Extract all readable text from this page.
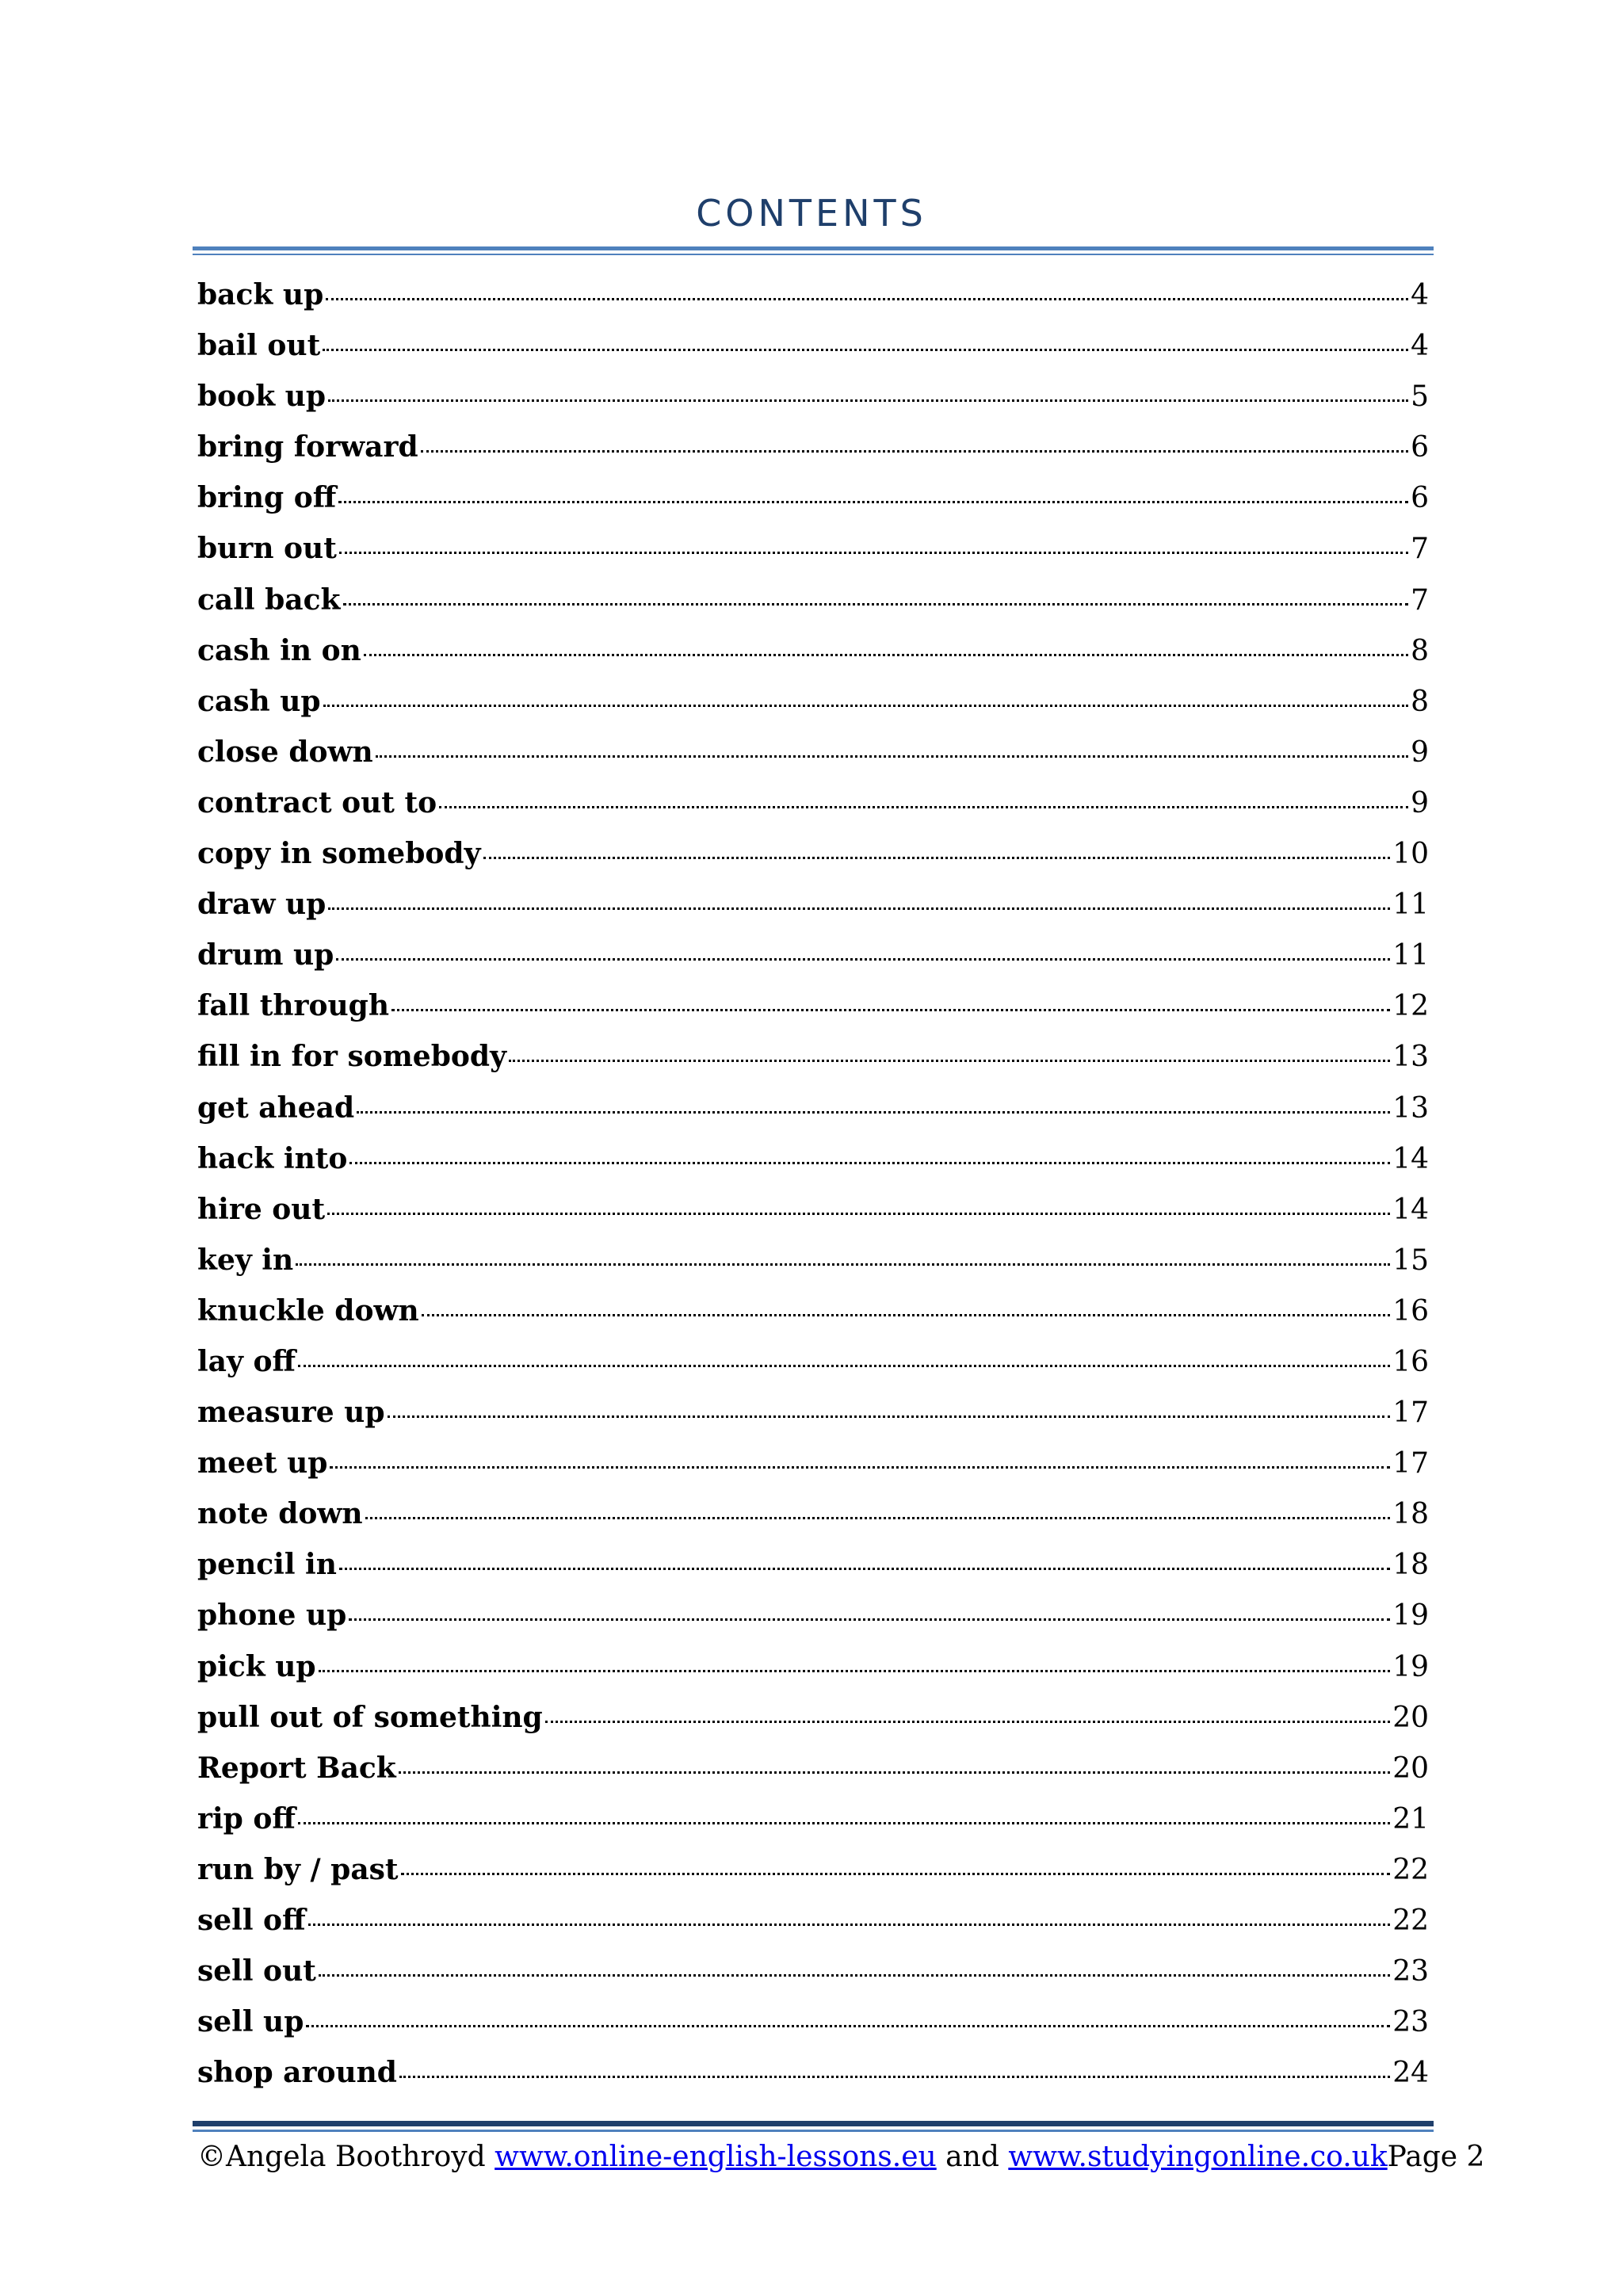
CONTENTS
back up	4
bail out	4
book up	5
bring forward	6
bring off	6
burn out	7
call back	7
cash in on	8
cash up	8
close down	9
contract out to	9
copy in somebody	10
draw up	11
drum up	11
fall through	12
fill in for somebody	13
get ahead	13
hack into	14
hire out	14
key in	15
knuckle down	16
lay off	16
measure up	17
meet up	17
note down	18
pencil in	18
phone up	19
pick up	19
pull out of something	20
Report Back	20
rip off	21
run by / past	22
sell off	22
sell out	23
sell up	23
shop around	24
©Angela Boothroyd www.online-english-lessons.eu and www.studyingonline.co.uk Page 2
